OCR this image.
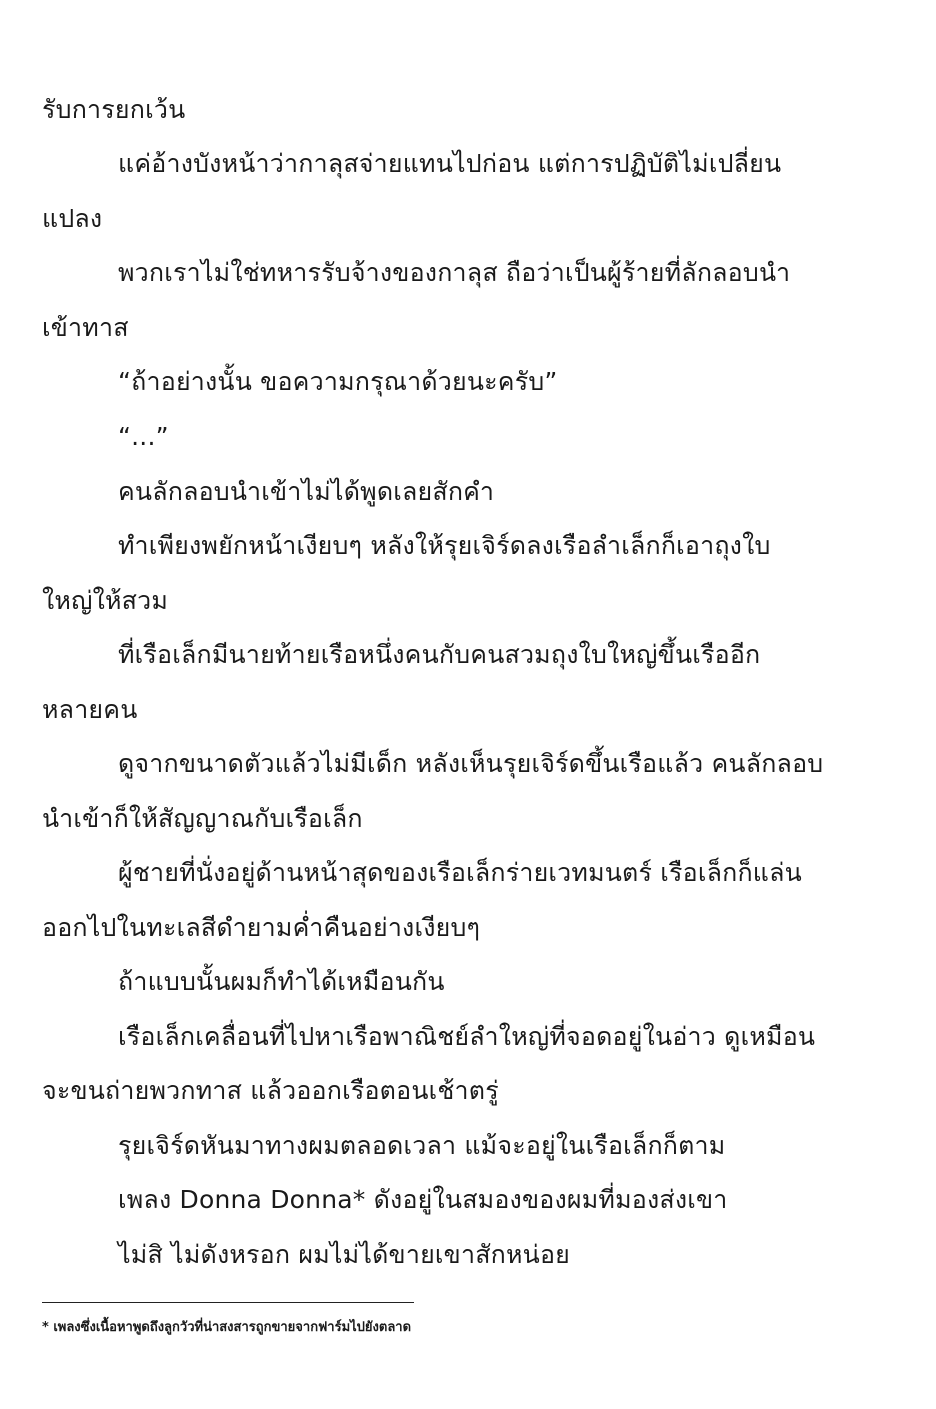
รับการยกเว้น
แค่อ้างบังหน้าว่ากาลุสจ่ายแทนไปก่อน แต่การปฏิบัติไม่เปลี่ยน
แปลง
พวกเราไม่ใช่ทหารรับจ้างของกาลุส ถือว่าเป็นผู้ร้ายที่ลักลอบนำ
เข้าทาส
“ถ้าอย่างนั้น ขอความกรุณาด้วยนะครับ”
“...”
คนลักลอบนำเข้าไม่ได้พูดเลยสักคำ
ทำเพียงพยักหน้าเงียบๆ หลังให้รุยเจิร์ดลงเรือลำเล็กก็เอาถุงใบ
ใหญ่ให้สวม
ที่เรือเล็กมีนายท้ายเรือหนึ่งคนกับคนสวมถุงใบใหญ่ขึ้นเรืออีก
หลายคน
ดูจากขนาดตัวแล้วไม่มีเด็ก หลังเห็นรุยเจิร์ดขึ้นเรือแล้ว คนลักลอบ
นำเข้าก็ให้สัญญาณกับเรือเล็ก
ผู้ชายที่นั่งอยู่ด้านหน้าสุดของเรือเล็กร่ายเวทมนตร์ เรือเล็กก็แล่น
ออกไปในทะเลสีดำยามค่ำคืนอย่างเงียบๆ
ถ้าแบบนั้นผมก็ทำได้เหมือนกัน
เรือเล็กเคลื่อนที่ไปหาเรือพาณิชย์ลำใหญ่ที่จอดอยู่ในอ่าว ดูเหมือน
จะขนถ่ายพวกทาส แล้วออกเรือตอนเช้าตรู่
รุยเจิร์ดหันมาทางผมตลอดเวลา แม้จะอยู่ในเรือเล็กก็ตาม
เพลง Donna Donna* ดังอยู่ในสมองของผมที่มองส่งเขา
ไม่สิ ไม่ดังหรอก ผมไม่ได้ขายเขาสักหน่อย
* เพลงซึ่งเนื้อหาพูดถึงลูกวัวที่น่าสงสารถูกขายจากฟาร์มไปยังตลาด
